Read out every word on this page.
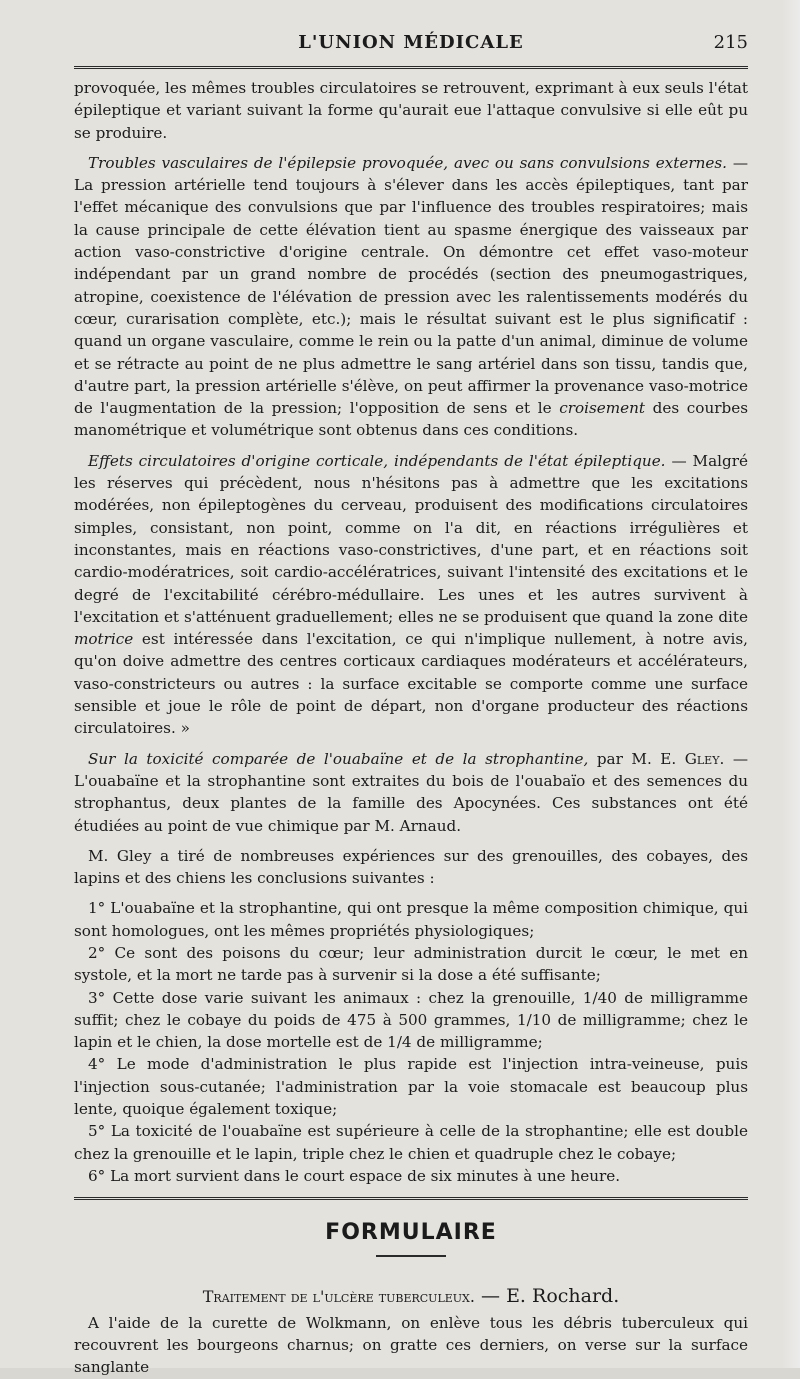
L'UNION MÉDICALE	215

provoquée, les mêmes troubles circulatoires se retrouvent, exprimant à eux seuls l'état épileptique et variant suivant la forme qu'aurait eue l'attaque convulsive si elle eût pu se produire.

Troubles vasculaires de l'épilepsie provoquée, avec ou sans convulsions externes. — La pression artérielle tend toujours à s'élever dans les accès épileptiques, tant par l'effet mécanique des convulsions que par l'influence des troubles respiratoires; mais la cause principale de cette élévation tient au spasme énergique des vaisseaux par action vaso-constrictive d'origine centrale. On démontre cet effet vaso-moteur indépendant par un grand nombre de procédés (section des pneumogastriques, atropine, coexistence de l'élévation de pression avec les ralentissements modérés du cœur, curarisation complète, etc.); mais le résultat suivant est le plus significatif : quand un organe vasculaire, comme le rein ou la patte d'un animal, diminue de volume et se rétracte au point de ne plus admettre le sang artériel dans son tissu, tandis que, d'autre part, la pression artérielle s'élève, on peut affirmer la provenance vaso-motrice de l'augmentation de la pression; l'opposition de sens et le croisement des courbes manométrique et volumétrique sont obtenus dans ces conditions.

Effets circulatoires d'origine corticale, indépendants de l'état épileptique. — Malgré les réserves qui précèdent, nous n'hésitons pas à admettre que les excitations modérées, non épileptogènes du cerveau, produisent des modifications circulatoires simples, consistant, non point, comme on l'a dit, en réactions irrégulières et inconstantes, mais en réactions vaso-constrictives, d'une part, et en réactions soit cardio-modératrices, soit cardio-accélératrices, suivant l'intensité des excitations et le degré de l'excitabilité cérébro-médullaire. Les unes et les autres survivent à l'excitation et s'atténuent graduellement; elles ne se produisent que quand la zone dite motrice est intéressée dans l'excitation, ce qui n'implique nullement, à notre avis, qu'on doive admettre des centres corticaux cardiaques modérateurs et accélérateurs, vaso-constricteurs ou autres : la surface excitable se comporte comme une surface sensible et joue le rôle de point de départ, non d'organe producteur des réactions circulatoires. »

Sur la toxicité comparée de l'ouabaïne et de la strophantine, par M. E. Gley. — L'ouabaïne et la strophantine sont extraites du bois de l'ouabaïo et des semences du strophantus, deux plantes de la famille des Apocynées. Ces substances ont été étudiées au point de vue chimique par M. Arnaud.

M. Gley a tiré de nombreuses expériences sur des grenouilles, des cobayes, des lapins et des chiens les conclusions suivantes :

1° L'ouabaïne et la strophantine, qui ont presque la même composition chimique, qui sont homologues, ont les mêmes propriétés physiologiques;

2° Ce sont des poisons du cœur; leur administration durcit le cœur, le met en systole, et la mort ne tarde pas à survenir si la dose a été suffisante;

3° Cette dose varie suivant les animaux : chez la grenouille, 1/40 de milligramme suffit; chez le cobaye du poids de 475 à 500 grammes, 1/10 de milligramme; chez le lapin et le chien, la dose mortelle est de 1/4 de milligramme;

4° Le mode d'administration le plus rapide est l'injection intra-veineuse, puis l'injection sous-cutanée; l'administration par la voie stomacale est beaucoup plus lente, quoique également toxique;

5° La toxicité de l'ouabaïne est supérieure à celle de la strophantine; elle est double chez la grenouille et le lapin, triple chez le chien et quadruple chez le cobaye;

6° La mort survient dans le court espace de six minutes à une heure.

FORMULAIRE
Traitement de l'ulcère tuberculeux. — E. Rochard.

A l'aide de la curette de Wolkmann, on enlève tous les débris tuberculeux qui recouvrent les bourgeons charnus; on gratte ces derniers, on verse sur la surface sanglante
